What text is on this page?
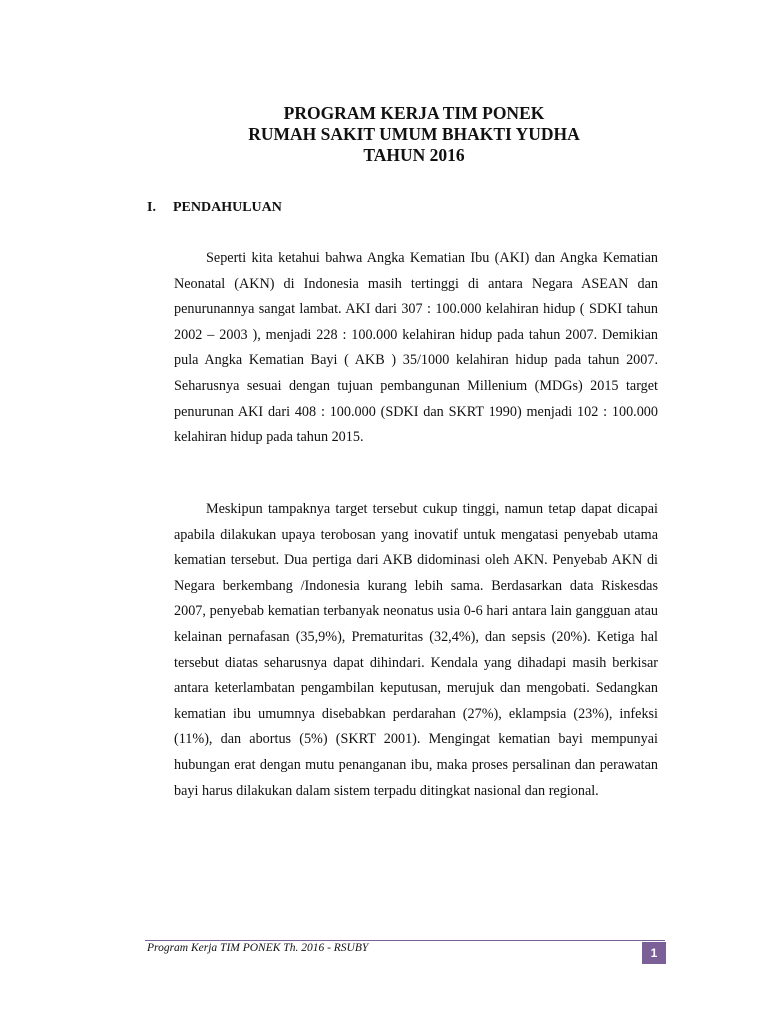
PROGRAM KERJA TIM PONEK
RUMAH SAKIT UMUM BHAKTI YUDHA
TAHUN 2016
I.	PENDAHULUAN

Seperti kita ketahui bahwa Angka Kematian Ibu (AKI) dan Angka Kematian Neonatal (AKN) di Indonesia masih tertinggi di antara Negara ASEAN dan penurunannya sangat lambat. AKI dari 307 : 100.000 kelahiran hidup ( SDKI tahun 2002 – 2003 ), menjadi 228 : 100.000 kelahiran hidup pada tahun 2007. Demikian pula Angka Kematian Bayi ( AKB ) 35/1000 kelahiran hidup pada tahun 2007. Seharusnya sesuai dengan tujuan pembangunan Millenium (MDGs) 2015 target penurunan AKI dari 408 : 100.000 (SDKI dan SKRT 1990) menjadi 102 : 100.000 kelahiran hidup pada tahun 2015.

Meskipun tampaknya target tersebut cukup tinggi, namun tetap dapat dicapai apabila dilakukan upaya terobosan yang inovatif untuk mengatasi penyebab utama kematian tersebut. Dua pertiga dari AKB didominasi oleh AKN. Penyebab AKN di Negara berkembang /Indonesia kurang lebih sama. Berdasarkan data Riskesdas 2007, penyebab kematian terbanyak neonatus usia 0-6 hari antara lain gangguan atau kelainan pernafasan (35,9%), Prematuritas (32,4%), dan sepsis (20%). Ketiga hal tersebut diatas seharusnya dapat dihindari. Kendala yang dihadapi masih berkisar antara keterlambatan pengambilan keputusan, merujuk dan mengobati. Sedangkan kematian ibu umumnya disebabkan perdarahan (27%), eklampsia (23%), infeksi (11%), dan abortus (5%) (SKRT 2001). Mengingat kematian bayi mempunyai hubungan erat dengan mutu penanganan ibu, maka proses persalinan dan perawatan bayi harus dilakukan dalam sistem terpadu ditingkat nasional dan regional.

Program Kerja TIM PONEK Th. 2016 - RSUBY	1
